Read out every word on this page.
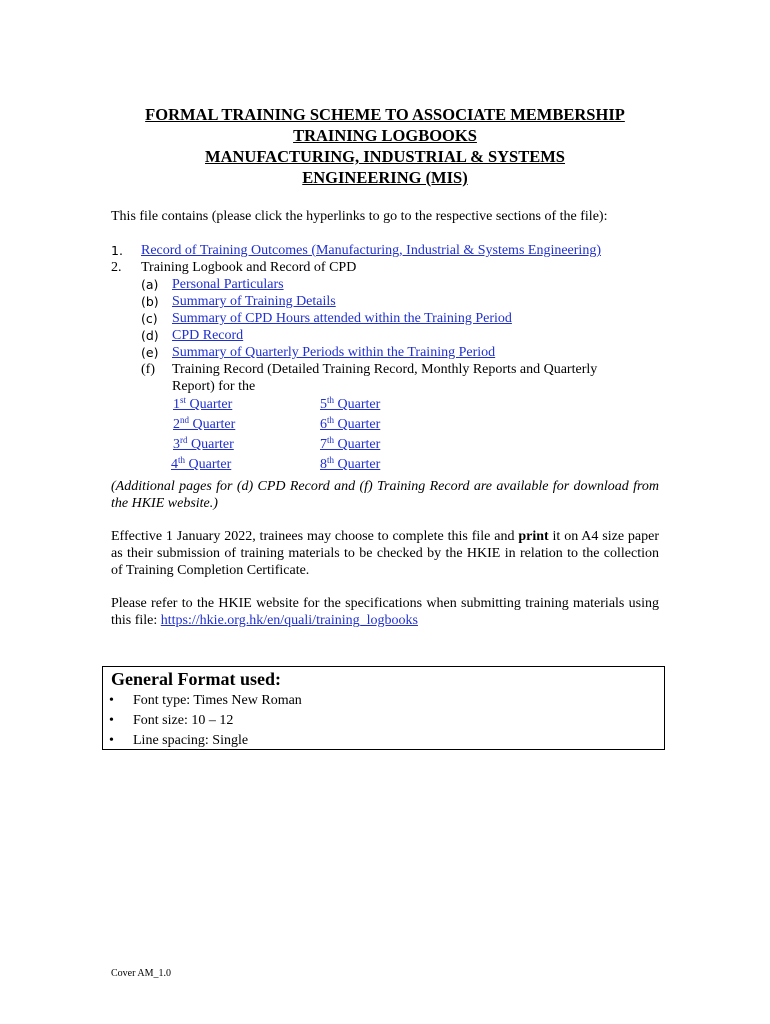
FORMAL TRAINING SCHEME TO ASSOCIATE MEMBERSHIP
TRAINING LOGBOOKS
MANUFACTURING, INDUSTRIAL & SYSTEMS
ENGINEERING (MIS)
This file contains (please click the hyperlinks to go to the respective sections of the file):
1. Record of Training Outcomes (Manufacturing, Industrial & Systems Engineering)
2. Training Logbook and Record of CPD
(a) Personal Particulars
(b) Summary of Training Details
(c) Summary of CPD Hours attended within the Training Period
(d) CPD Record
(e) Summary of Quarterly Periods within the Training Period
(f) Training Record (Detailed Training Record, Monthly Reports and Quarterly
Report) for the
1st Quarter
2nd Quarter
3rd Quarter
4th Quarter
5th Quarter
6th Quarter
7th Quarter
8th Quarter
(Additional pages for (d) CPD Record and (f) Training Record are available for download from the HKIE website.)
Effective 1 January 2022, trainees may choose to complete this file and print it on A4 size paper as their submission of training materials to be checked by the HKIE in relation to the collection of Training Completion Certificate.
Please refer to the HKIE website for the specifications when submitting training materials using this file: https://hkie.org.hk/en/quali/training_logbooks
General Format used:
• Font type: Times New Roman
• Font size: 10 – 12
• Line spacing: Single
Cover AM_1.0
